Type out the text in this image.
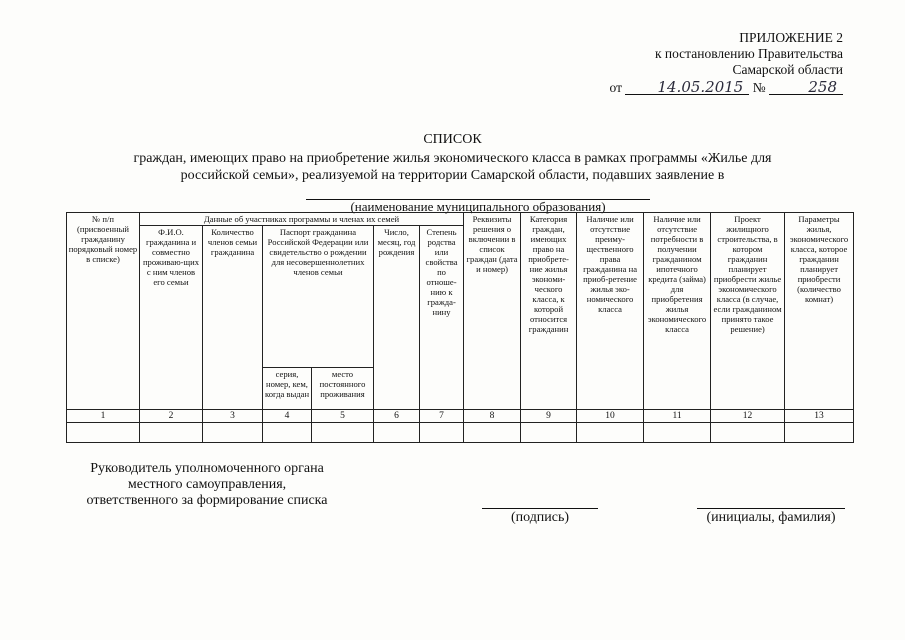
ПРИЛОЖЕНИЕ 2
к постановлению Правительства
Самарской области
от 14.05.2015 №	258
СПИСОК
граждан, имеющих право на приобретение жилья экономического класса в рамках программы «Жилье для
российской семьи», реализуемой на территории Самарской области, подавших заявление в
(наименование муниципального образования)
№ п/п (присвоенный гражданину порядковый номер в списке)	Данные об участниках программы и членах их семей						Реквизиты решения о включении в список граждан (дата и номер)	Категория граждан, имеющих право на приобрете-ние жилья экономи-ческого класса, к которой относится гражданин	Наличие или отсутствие преиму-щественного права гражданина на приоб-ретение жилья эко-номического класса	Наличие или отсутствие потребности в получении гражданином ипотечного кредита (займа) для приобретения жилья экономического класса	Проект жилищного строительства, в котором гражданин планирует приобрести жилье экономического класса (в случае, если гражданином принято такое решение)	Параметры жилья, экономического класса, которое гражданин планирует приобрести (количество комнат)
	Ф.И.О. гражданина и совместно проживаю-щих с ним членов его семьи	Количество членов семьи гражданина	Паспорт гражданина Российской Федерации или свидетельство о рождении для несовершеннолетних членов семьи		Число, месяц, год рождения	Степень родства или свойства по отноше-нию к гражда-нину						
			серия, номер, кем, когда выдан	место постоянного проживания								
1	2	3	4	5	6	7	8	9	10	11	12	13

Руководитель уполномоченного органа
местного самоуправления,
ответственного за формирование списка
(подпись)	(инициалы, фамилия)
